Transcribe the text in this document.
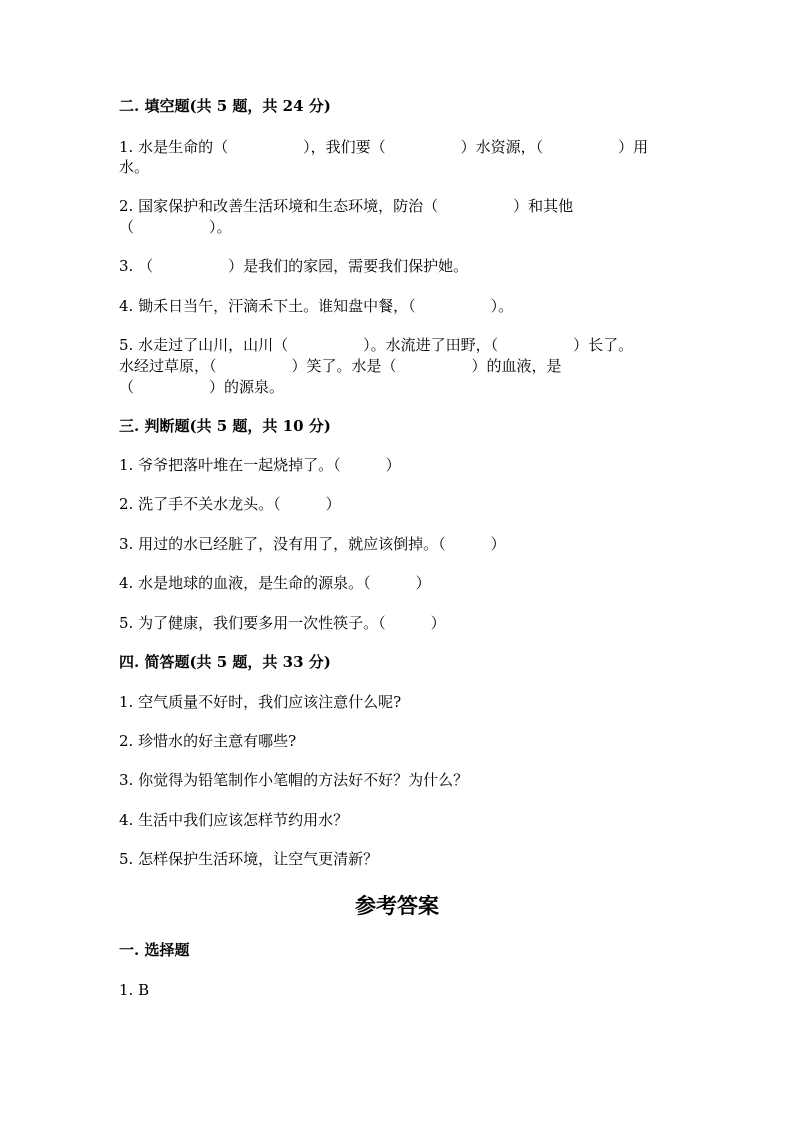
二. 填空题(共 5 题，共 24 分)
1. 水是生命的（　　　　　），我们要（　　　　　）水资源，（　　　　　）用
水。
2. 国家保护和改善生活环境和生态环境，防治（　　　　　）和其他
（　　　　　）。
3. （　　　　　）是我们的家园，需要我们保护她。
4. 锄禾日当午，汗滴禾下土。谁知盘中餐，（　　　　　）。
5. 水走过了山川，山川（　　　　　）。水流进了田野，（　　　　　）长了。
水经过草原，（　　　　　）笑了。水是（　　　　　）的血液，是
（　　　　　）的源泉。
三. 判断题(共 5 题，共 10 分)
1. 爷爷把落叶堆在一起烧掉了。（　　　）
2. 洗了手不关水龙头。（　　　）
3. 用过的水已经脏了，没有用了，就应该倒掉。（　　　）
4. 水是地球的血液，是生命的源泉。（　　　）
5. 为了健康，我们要多用一次性筷子。（　　　）
四. 简答题(共 5 题，共 33 分)
1. 空气质量不好时，我们应该注意什么呢?
2. 珍惜水的好主意有哪些?
3. 你觉得为铅笔制作小笔帽的方法好不好？为什么？
4. 生活中我们应该怎样节约用水？
5. 怎样保护生活环境，让空气更清新？
参考答案
一. 选择题
1. B
